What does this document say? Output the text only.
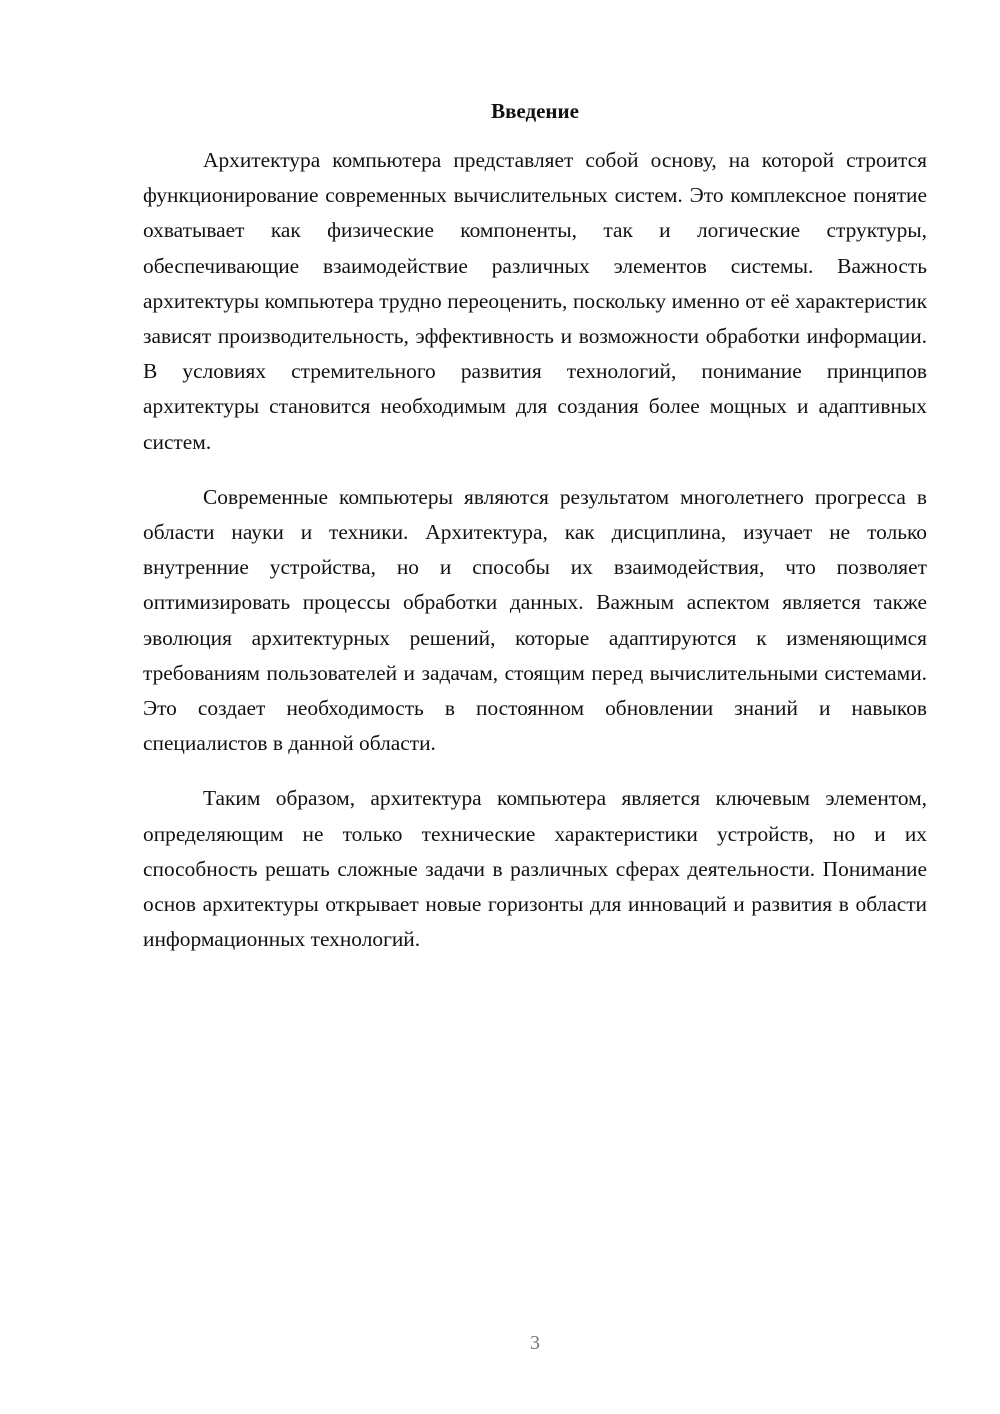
Введение

Архитектура компьютера представляет собой основу, на которой строится функционирование современных вычислительных систем. Это комплексное понятие охватывает как физические компоненты, так и логические структуры, обеспечивающие взаимодействие различных элементов системы. Важность архитектуры компьютера трудно переоценить, поскольку именно от её характеристик зависят производительность, эффективность и возможности обработки информации. В условиях стремительного развития технологий, понимание принципов архитектуры становится необходимым для создания более мощных и адаптивных систем.

Современные компьютеры являются результатом многолетнего прогресса в области науки и техники. Архитектура, как дисциплина, изучает не только внутренние устройства, но и способы их взаимодействия, что позволяет оптимизировать процессы обработки данных. Важным аспектом является также эволюция архитектурных решений, которые адаптируются к изменяющимся требованиям пользователей и задачам, стоящим перед вычислительными системами. Это создает необходимость в постоянном обновлении знаний и навыков специалистов в данной области.

Таким образом, архитектура компьютера является ключевым элементом, определяющим не только технические характеристики устройств, но и их способность решать сложные задачи в различных сферах деятельности. Понимание основ архитектуры открывает новые горизонты для инноваций и развития в области информационных технологий.

3
